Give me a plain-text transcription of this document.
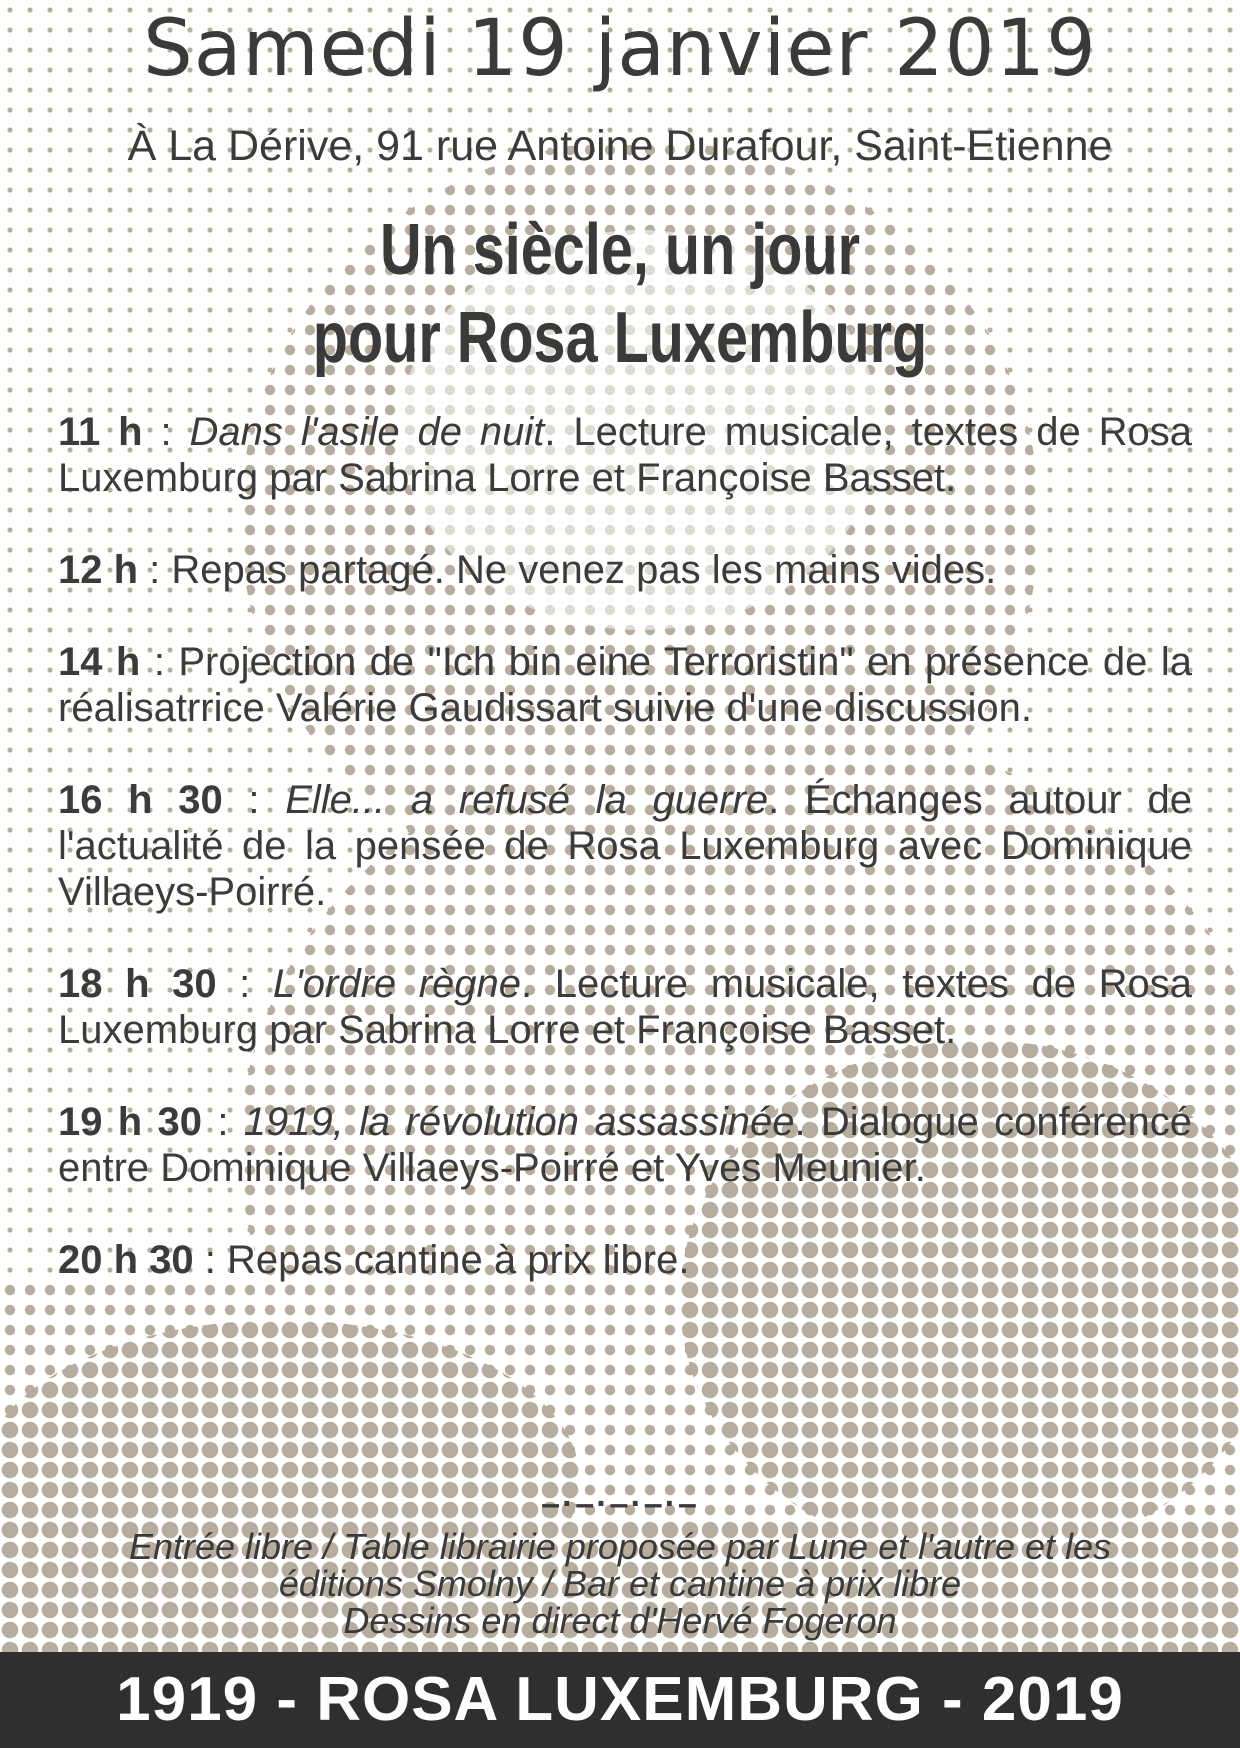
Samedi 19 janvier 2019
À La Dérive, 91 rue Antoine Durafour, Saint-Etienne
Un siècle, un jour
pour Rosa Luxemburg

11 h : Dans l'asile de nuit. Lecture musicale, textes de Rosa Luxemburg par Sabrina Lorre et Françoise Basset.

12 h : Repas partagé. Ne venez pas les mains vides.

14 h : Projection de "Ich bin eine Terroristin" en présence de la réalisatrrice Valérie Gaudissart suivie d'une discussion.

16 h 30 : Elle... a refusé la guerre. Échanges autour de l'actualité de la pensée de Rosa Luxemburg avec Dominique Villaeys-Poirré.

18 h 30 : L'ordre règne. Lecture musicale, textes de Rosa Luxemburg par Sabrina Lorre et Françoise Basset.

19 h 30 : 1919, la révolution assassinée. Dialogue conférencé entre Dominique Villaeys-Poirré et Yves Meunier.

20 h 30 : Repas cantine à prix libre.

–·–·–·–·–
Entrée libre / Table librairie proposée par Lune et l'autre et les
éditions Smolny / Bar et cantine à prix libre
Dessins en direct d'Hervé Fogeron
1919 - ROSA LUXEMBURG - 2019
